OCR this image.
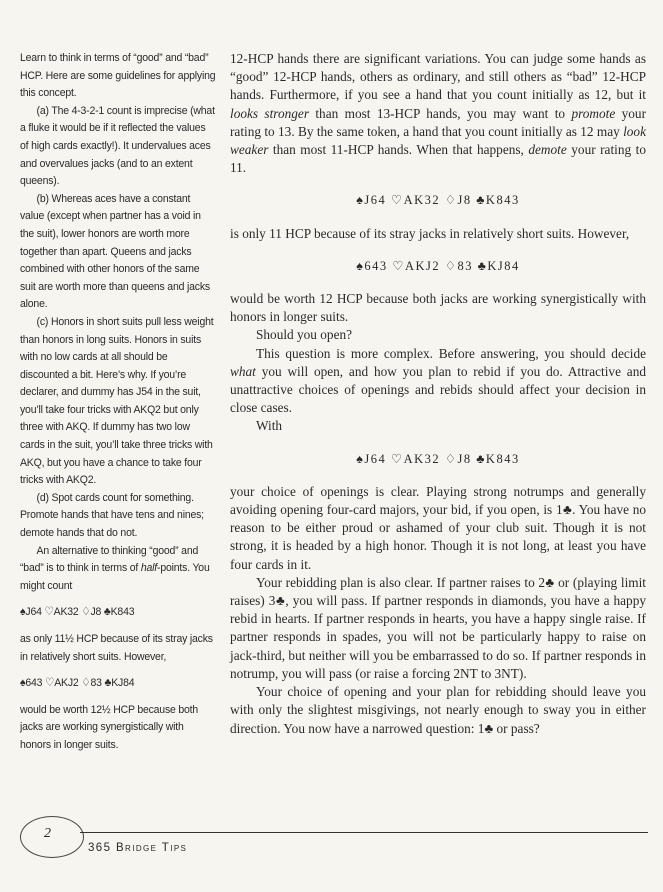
Learn to think in terms of “good” and “bad” HCP. Here are some guidelines for applying this concept.

(a) The 4-3-2-1 count is imprecise (what a fluke it would be if it reflected the values of high cards exactly!). It undervalues aces and overvalues jacks (and to an extent queens).

(b) Whereas aces have a constant value (except when partner has a void in the suit), lower honors are worth more together than apart. Queens and jacks combined with other honors of the same suit are worth more than queens and jacks alone.

(c) Honors in short suits pull less weight than honors in long suits. Honors in suits with no low cards at all should be discounted a bit. Here’s why. If you’re declarer, and dummy has J54 in the suit, you’ll take four tricks with AKQ2 but only three with AKQ. If dummy has two low cards in the suit, you’ll take three tricks with AKQ, but you have a chance to take four tricks with AKQ2.

(d) Spot cards count for something. Promote hands that have tens and nines; demote hands that do not.

An alternative to thinking “good” and “bad” is to think in terms of half-points. You might count

♠J64 ♡AK32 ♢J8 ♣K843

as only 11½ HCP because of its stray jacks in relatively short suits. However,

♠643 ♡AKJ2 ♢83 ♣KJ84

would be worth 12½ HCP because both jacks are working synergistically with honors in longer suits.

12-HCP hands there are significant variations. You can judge some hands as “good” 12-HCP hands, others as ordinary, and still others as “bad” 12-HCP hands. Furthermore, if you see a hand that you count initially as 12, but it looks stronger than most 13-HCP hands, you may want to promote your rating to 13. By the same token, a hand that you count initially as 12 may look weaker than most 11-HCP hands. When that happens, demote your rating to 11.

♠J64 ♡AK32 ♢J8 ♣K843

is only 11 HCP because of its stray jacks in relatively short suits. However,

♠643 ♡AKJ2 ♢83 ♣KJ84

would be worth 12 HCP because both jacks are working synergistically with honors in longer suits.

Should you open?

This question is more complex. Before answering, you should decide what you will open, and how you plan to rebid if you do. Attractive and unattractive choices of openings and rebids should affect your decision in close cases.

With

♠J64 ♡AK32 ♢J8 ♣K843

your choice of openings is clear. Playing strong notrumps and generally avoiding opening four-card majors, your bid, if you open, is 1♣. You have no reason to be either proud or ashamed of your club suit. Though it is not strong, it is headed by a high honor. Though it is not long, at least you have four cards in it.

Your rebidding plan is also clear. If partner raises to 2♣ or (playing limit raises) 3♣, you will pass. If partner responds in diamonds, you have a happy rebid in hearts. If partner responds in hearts, you have a happy single raise. If partner responds in spades, you will not be particularly happy to raise on jack-third, but neither will you be embarrassed to do so. If partner responds in notrump, you will pass (or raise a forcing 2NT to 3NT).

Your choice of opening and your plan for rebidding should leave you with only the slightest misgivings, not nearly enough to sway you in either direction. You now have a narrowed question: 1♣ or pass?

2
365 Bridge Tips
